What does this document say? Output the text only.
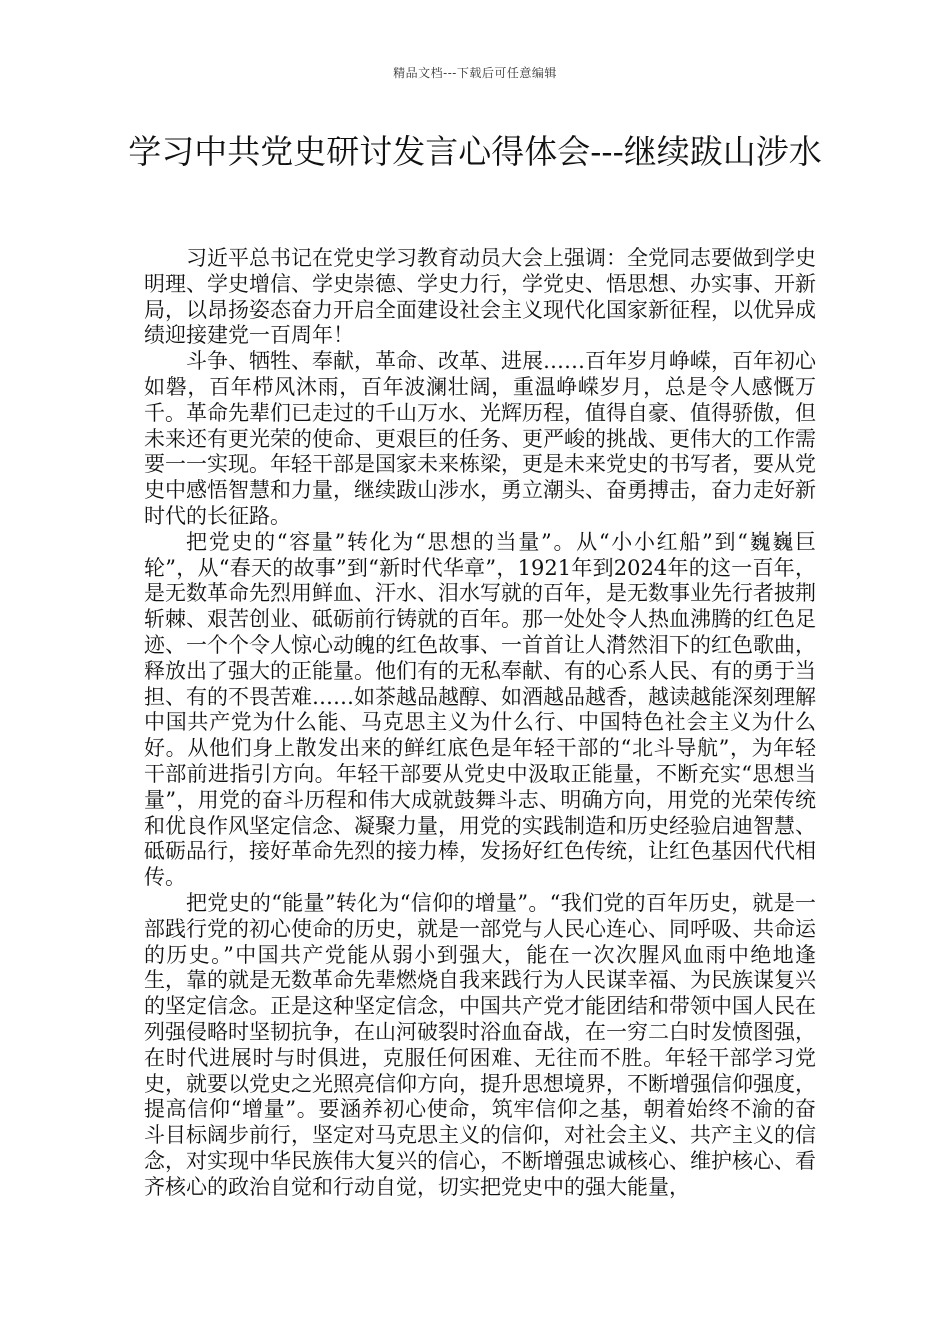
精品文档---下载后可任意编辑
学习中共党史研讨发言心得体会---继续跋山涉水

习近平总书记在党史学习教育动员大会上强调：全党同志要做到学史明理、学史增信、学史崇德、学史力行，学党史、悟思想、办实事、开新局，以昂扬姿态奋力开启全面建设社会主义现代化国家新征程，以优异成绩迎接建党一百周年！

斗争、牺牲、奉献，革命、改革、进展……百年岁月峥嵘，百年初心如磐，百年栉风沐雨，百年波澜壮阔，重温峥嵘岁月，总是令人感慨万千。革命先辈们已走过的千山万水、光辉历程，值得自豪、值得骄傲，但未来还有更光荣的使命、更艰巨的任务、更严峻的挑战、更伟大的工作需要一一实现。年轻干部是国家未来栋梁，更是未来党史的书写者，要从党史中感悟智慧和力量，继续跋山涉水，勇立潮头、奋勇搏击，奋力走好新时代的长征路。

把党史的“容量”转化为“思想的当量”。从“小小红船”到“巍巍巨轮”，从“春天的故事”到“新时代华章”，1921年到2024年的这一百年，是无数革命先烈用鲜血、汗水、泪水写就的百年，是无数事业先行者披荆斩棘、艰苦创业、砥砺前行铸就的百年。那一处处令人热血沸腾的红色足迹、一个个令人惊心动魄的红色故事、一首首让人潸然泪下的红色歌曲，释放出了强大的正能量。他们有的无私奉献、有的心系人民、有的勇于当担、有的不畏苦难……如茶越品越醇、如酒越品越香，越读越能深刻理解中国共产党为什么能、马克思主义为什么行、中国特色社会主义为什么好。从他们身上散发出来的鲜红底色是年轻干部的“北斗导航”，为年轻干部前进指引方向。年轻干部要从党史中汲取正能量，不断充实“思想当量”，用党的奋斗历程和伟大成就鼓舞斗志、明确方向，用党的光荣传统和优良作风坚定信念、凝聚力量，用党的实践制造和历史经验启迪智慧、砥砺品行，接好革命先烈的接力棒，发扬好红色传统，让红色基因代代相传。

把党史的“能量”转化为“信仰的增量”。“我们党的百年历史，就是一部践行党的初心使命的历史，就是一部党与人民心连心、同呼吸、共命运的历史。”中国共产党能从弱小到强大，能在一次次腥风血雨中绝地逢生，靠的就是无数革命先辈燃烧自我来践行为人民谋幸福、为民族谋复兴的坚定信念。正是这种坚定信念，中国共产党才能团结和带领中国人民在列强侵略时坚韧抗争，在山河破裂时浴血奋战，在一穷二白时发愤图强，在时代进展时与时俱进，克服任何困难、无往而不胜。年轻干部学习党史，就要以党史之光照亮信仰方向，提升思想境界，不断增强信仰强度，提高信仰“增量”。要涵养初心使命，筑牢信仰之基，朝着始终不渝的奋斗目标阔步前行，坚定对马克思主义的信仰，对社会主义、共产主义的信念，对实现中华民族伟大复兴的信心，不断增强忠诚核心、维护核心、看齐核心的政治自觉和行动自觉，切实把党史中的强大能量，
